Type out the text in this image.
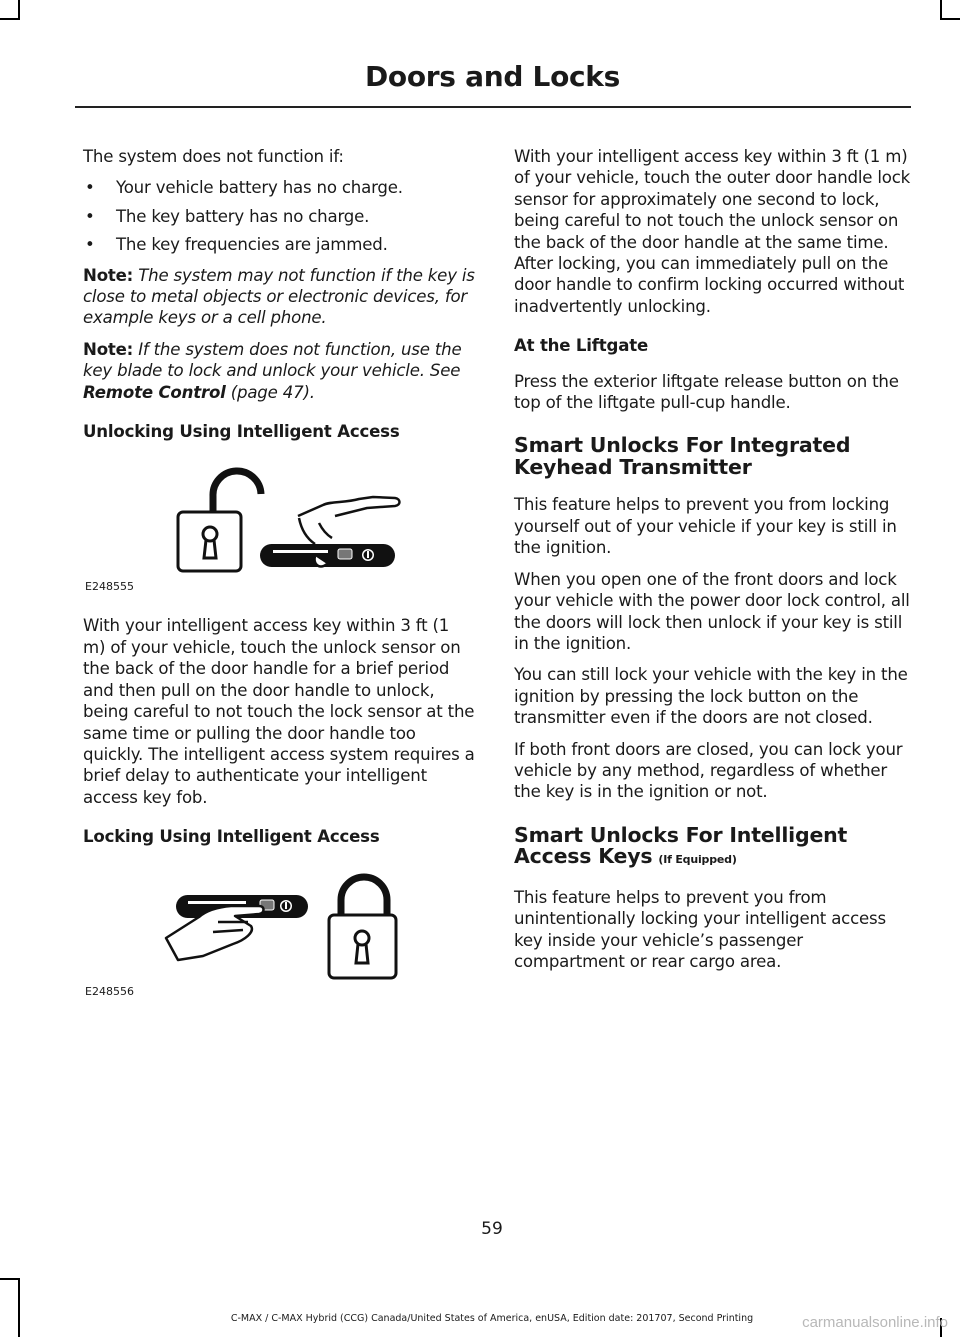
Doors and Locks

The system does not function if:

• Your vehicle battery has no charge.
• The key battery has no charge.
• The key frequencies are jammed.

Note: The system may not function if the key is close to metal objects or electronic devices, for example keys or a cell phone.

Note: If the system does not function, use the key blade to lock and unlock your vehicle. See Remote Control (page 47).

Unlocking Using Intelligent Access

E248555

With your intelligent access key within 3 ft (1 m) of your vehicle, touch the unlock sensor on the back of the door handle for a brief period and then pull on the door handle to unlock, being careful to not touch the lock sensor at the same time or pulling the door handle too quickly. The intelligent access system requires a brief delay to authenticate your intelligent access key fob.

Locking Using Intelligent Access

E248556

With your intelligent access key within 3 ft (1 m) of your vehicle, touch the outer door handle lock sensor for approximately one second to lock, being careful to not touch the unlock sensor on the back of the door handle at the same time. After locking, you can immediately pull on the door handle to confirm locking occurred without inadvertently unlocking.

At the Liftgate

Press the exterior liftgate release button on the top of the liftgate pull-cup handle.

Smart Unlocks For Integrated Keyhead Transmitter

This feature helps to prevent you from locking yourself out of your vehicle if your key is still in the ignition.

When you open one of the front doors and lock your vehicle with the power door lock control, all the doors will lock then unlock if your key is still in the ignition.

You can still lock your vehicle with the key in the ignition by pressing the lock button on the transmitter even if the doors are not closed.

If both front doors are closed, you can lock your vehicle by any method, regardless of whether the key is in the ignition or not.

Smart Unlocks For Intelligent Access Keys (If Equipped)

This feature helps to prevent you from unintentionally locking your intelligent access key inside your vehicle’s passenger compartment or rear cargo area.

59
C-MAX / C-MAX Hybrid (CCG) Canada/United States of America, enUSA, Edition date: 201707, Second Printing	carmanualsonline.info
